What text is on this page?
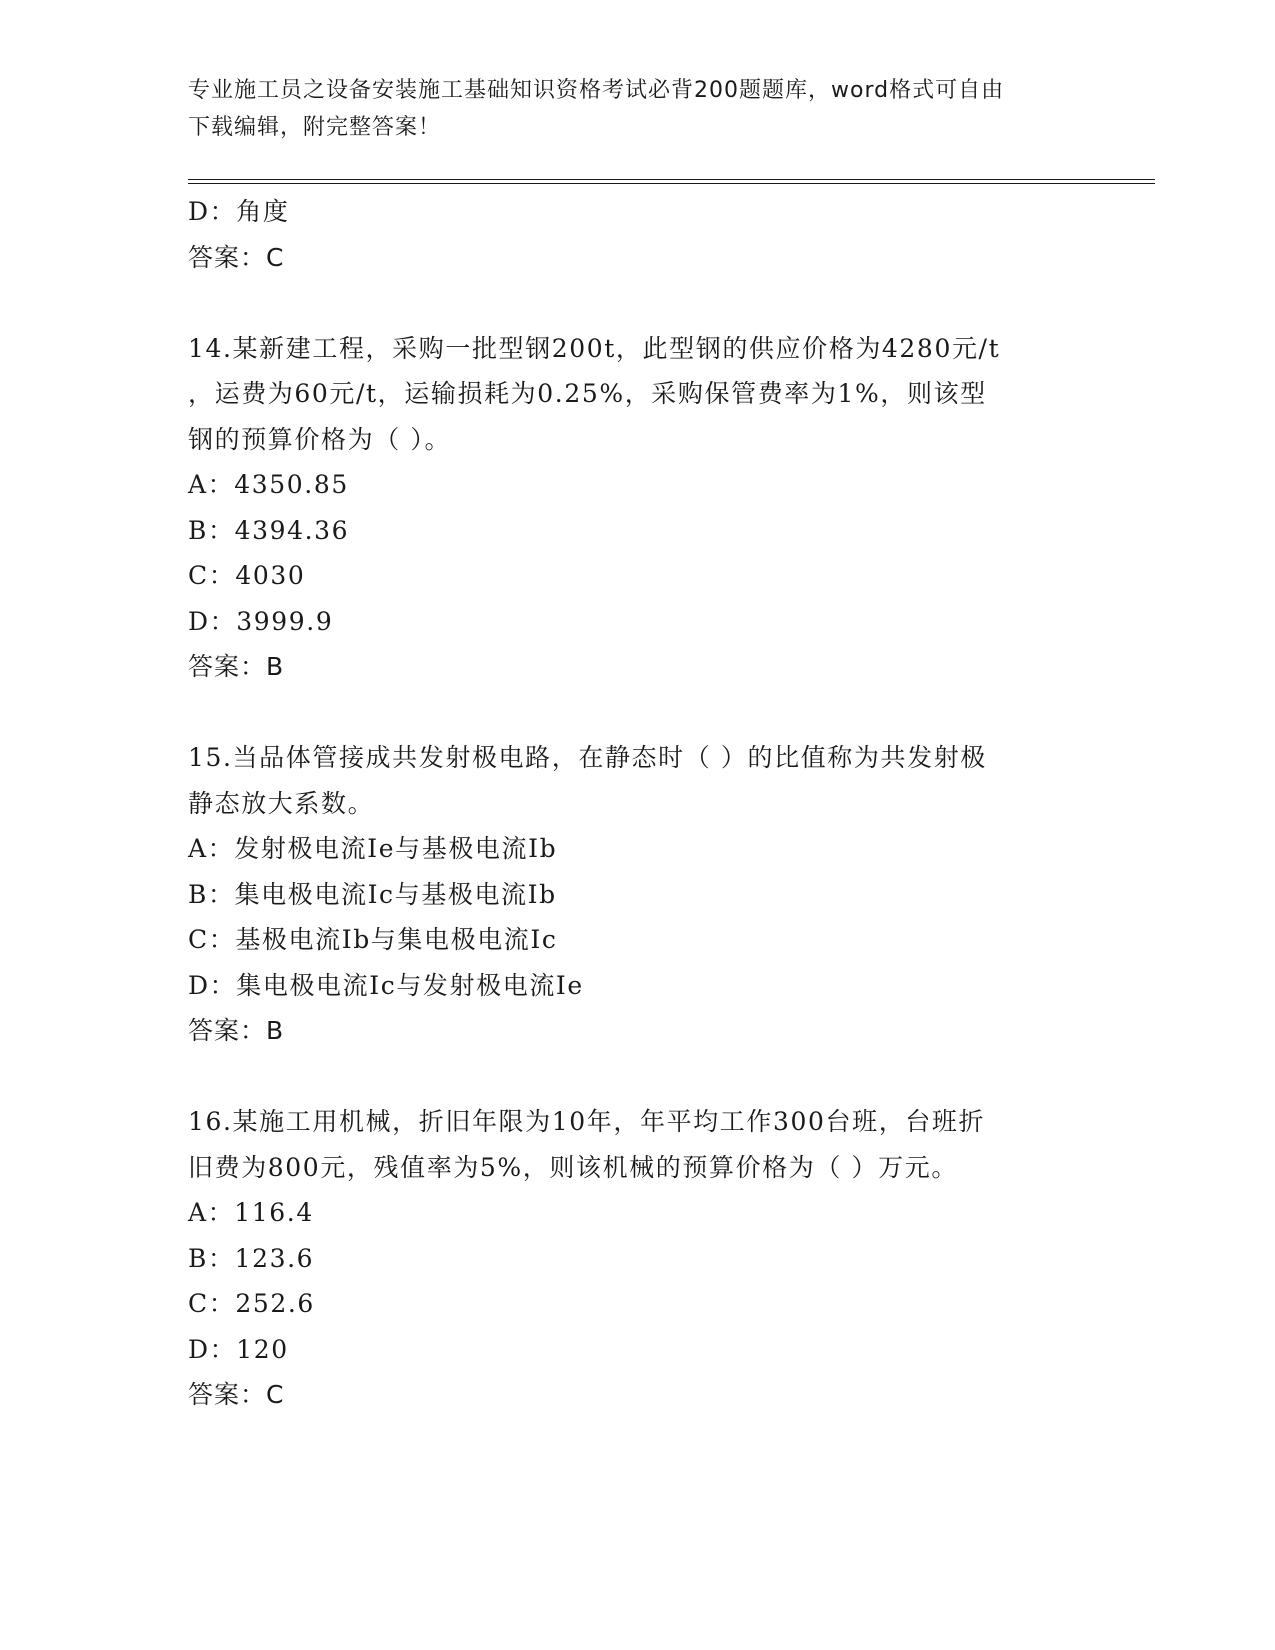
专业施工员之设备安装施工基础知识资格考试必背200题题库，word格式可自由
下载编辑，附完整答案！
D：角度
答案：C
14.某新建工程，采购一批型钢200t，此型钢的供应价格为4280元/t
，运费为60元/t，运输损耗为0.25%，采购保管费率为1%，则该型
钢的预算价格为（ ）。
A：4350.85
B：4394.36
C：4030
D：3999.9
答案：B
15.当品体管接成共发射极电路，在静态时（ ）的比值称为共发射极
静态放大系数。
A：发射极电流Ie与基极电流Ib
B：集电极电流Ic与基极电流Ib
C：基极电流Ib与集电极电流Ic
D：集电极电流Ic与发射极电流Ie
答案：B
16.某施工用机械，折旧年限为10年，年平均工作300台班，台班折
旧费为800元，残值率为5%，则该机械的预算价格为（ ）万元。
A：116.4
B：123.6
C：252.6
D：120
答案：C
